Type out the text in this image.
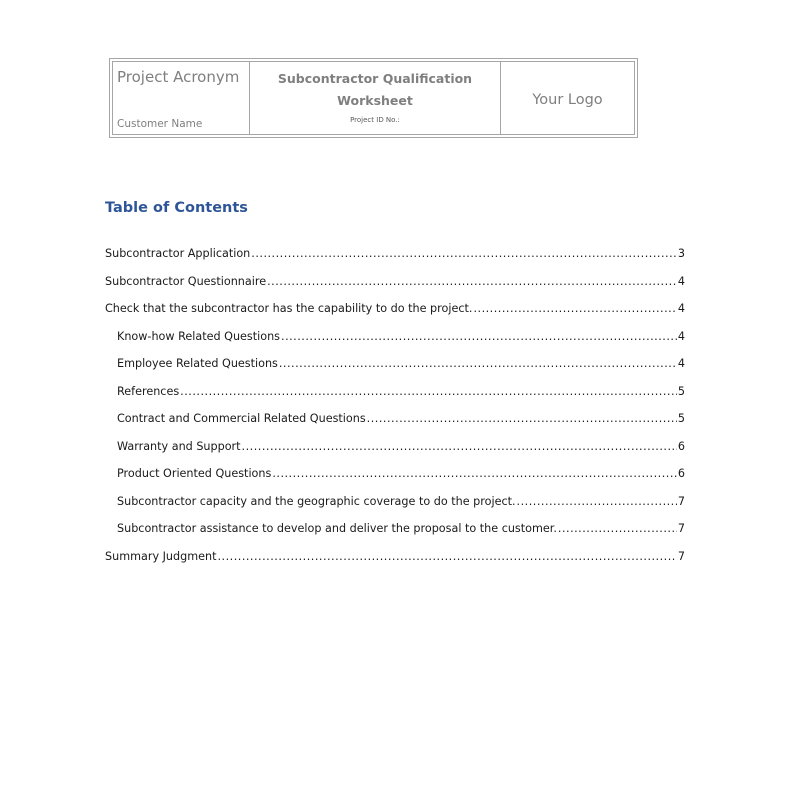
Project Acronym
Customer Name
Subcontractor Qualification
Worksheet
Project ID No.:
Your Logo
Table of Contents
Subcontractor Application .....	3
Subcontractor Questionnaire .....	4
Check that the subcontractor has the capability to do the project. .....	4
Know-how Related Questions .....	4
Employee Related Questions .....	4
References .....	5
Contract and Commercial Related Questions .....	5
Warranty and Support .....	6
Product Oriented Questions .....	6
Subcontractor capacity and the geographic coverage to do the project. .....	7
Subcontractor assistance to develop and deliver the proposal to the customer. .....	7
Summary Judgment .....	7
